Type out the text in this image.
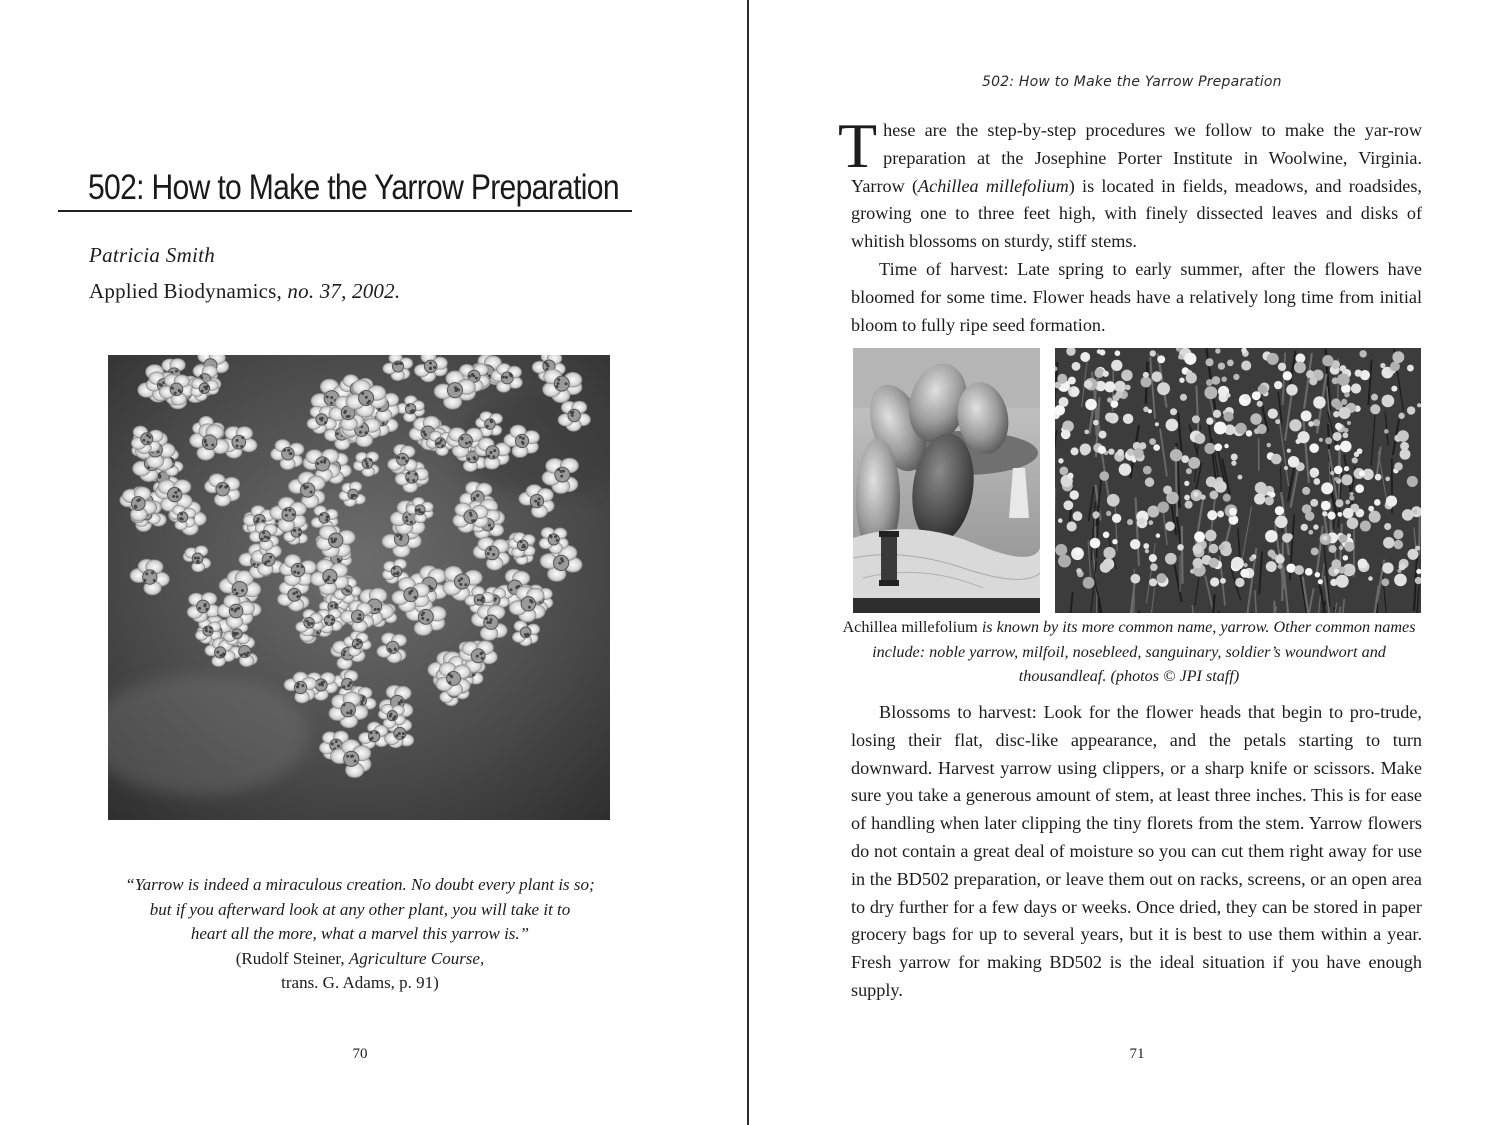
502: How to Make the Yarrow Preparation
Patricia Smith
Applied Biodynamics, no. 37, 2002.
“Yarrow is indeed a miraculous creation. No doubt every plant is so;
but if you afterward look at any other plant, you will take it to
heart all the more, what a marvel this yarrow is.”
(Rudolf Steiner, Agriculture Course,
trans. G. Adams, p. 91)
70
502: How to Make the Yarrow Preparation

These are the step-by-step procedures we follow to make the yar-row preparation at the Josephine Porter Institute in Woolwine, Virginia. Yarrow (Achillea millefolium) is located in fields, meadows, and roadsides, growing one to three feet high, with finely dissected leaves and disks of whitish blossoms on sturdy, stiff stems.
Time of harvest: Late spring to early summer, after the flowers have bloomed for some time. Flower heads have a relatively long time from initial bloom to fully ripe seed formation.

Achillea millefolium is known by its more common name, yarrow. Other common names include: noble yarrow, milfoil, nosebleed, sanguinary, soldier’s woundwort and thousandleaf. (photos © JPI staff)

Blossoms to harvest: Look for the flower heads that begin to pro-trude, losing their flat, disc-like appearance, and the petals starting to turn downward. Harvest yarrow using clippers, or a sharp knife or scissors. Make sure you take a generous amount of stem, at least three inches. This is for ease of handling when later clipping the tiny florets from the stem. Yarrow flowers do not contain a great deal of moisture so you can cut them right away for use in the BD502 preparation, or leave them out on racks, screens, or an open area to dry further for a few days or weeks. Once dried, they can be stored in paper grocery bags for up to several years, but it is best to use them within a year. Fresh yarrow for making BD502 is the ideal situation if you have enough supply.

71
